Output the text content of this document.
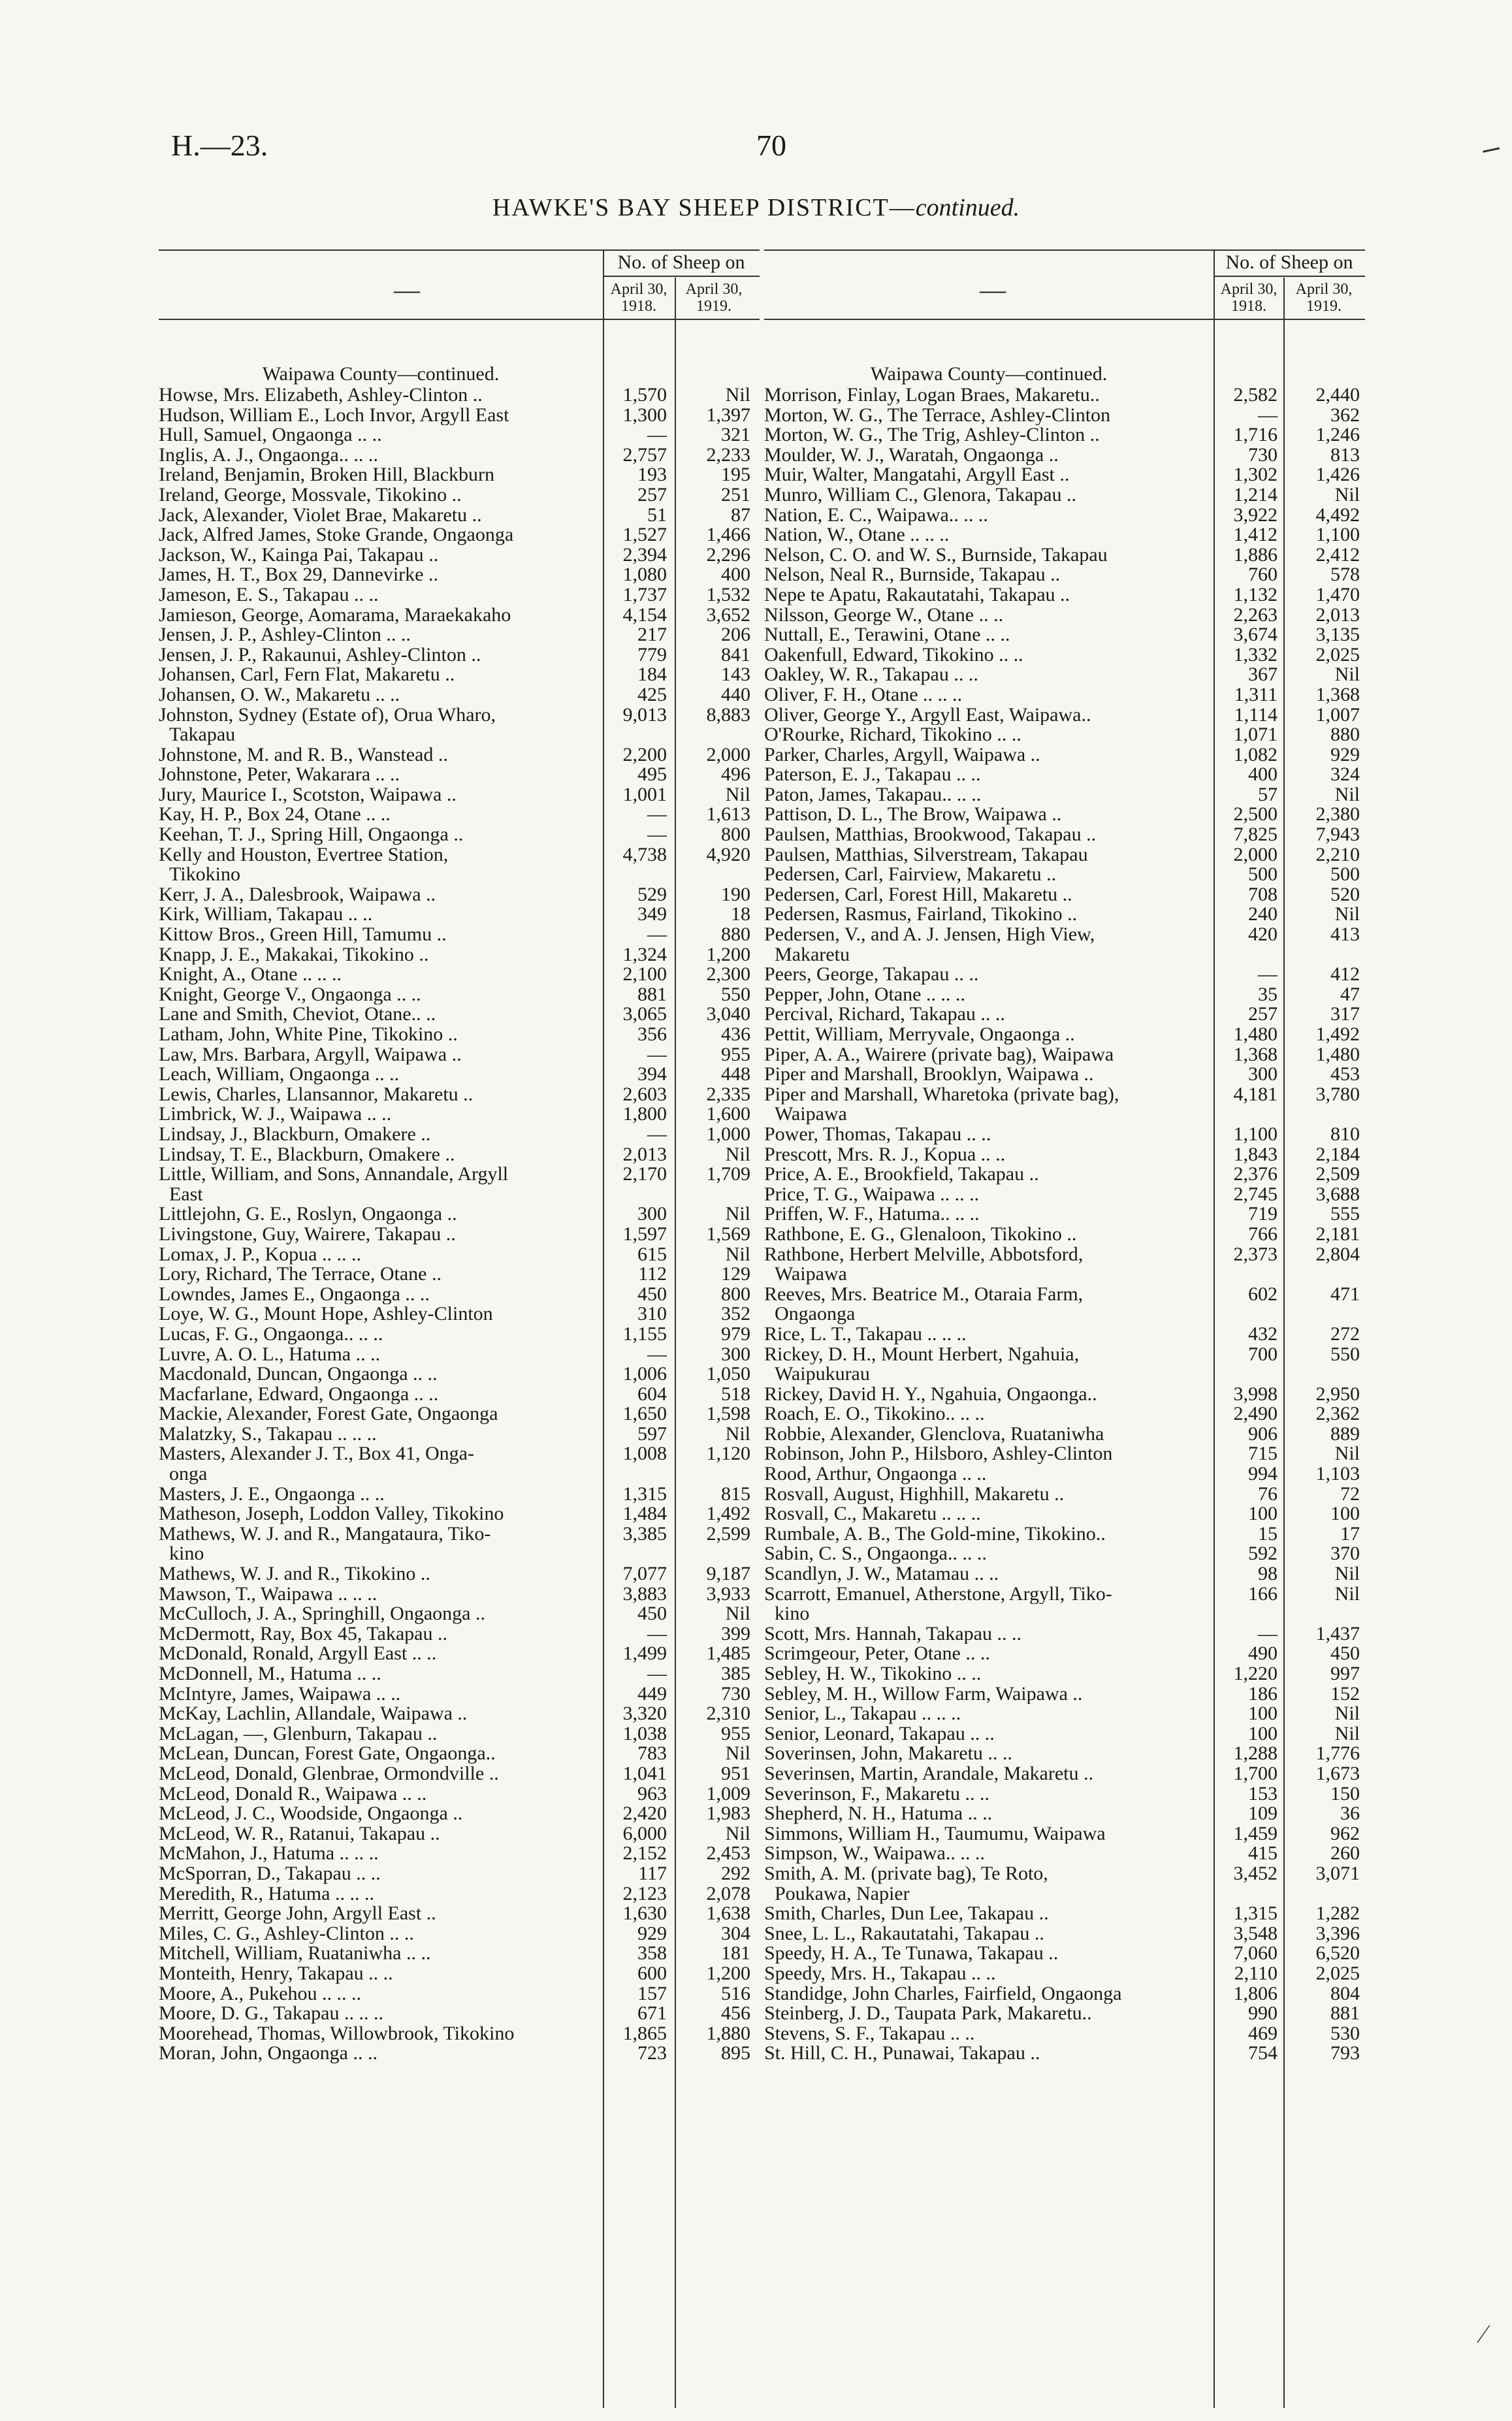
H.—23.	70
HAWKE'S BAY SHEEP DISTRICT—continued.
⁄
—
No. of Sheep on
April 30, 1918.
April 30, 1919.
Waipawa County—continued.
Howse, Mrs. Elizabeth, Ashley-Clinton ..	1,570	Nil
Hudson, William E., Loch Invor, Argyll East	1,300	1,397
Hull, Samuel, Ongaonga .. ..	—	321
Inglis, A. J., Ongaonga.. .. ..	2,757	2,233
Ireland, Benjamin, Broken Hill, Blackburn	193	195
Ireland, George, Mossvale, Tikokino ..	257	251
Jack, Alexander, Violet Brae, Makaretu ..	51	87
Jack, Alfred James, Stoke Grande, Ongaonga	1,527	1,466
Jackson, W., Kainga Pai, Takapau ..	2,394	2,296
James, H. T., Box 29, Dannevirke ..	1,080	400
Jameson, E. S., Takapau .. ..	1,737	1,532
Jamieson, George, Aomarama, Maraekakaho	4,154	3,652
Jensen, J. P., Ashley-Clinton .. ..	217	206
Jensen, J. P., Rakaunui, Ashley-Clinton ..	779	841
Johansen, Carl, Fern Flat, Makaretu ..	184	143
Johansen, O. W., Makaretu .. ..	425	440
Johnston, Sydney (Estate of), Orua Wharo,	9,013	8,883
Takapau
Johnstone, M. and R. B., Wanstead ..	2,200	2,000
Johnstone, Peter, Wakarara .. ..	495	496
Jury, Maurice I., Scotston, Waipawa ..	1,001	Nil
Kay, H. P., Box 24, Otane .. ..	—	1,613
Keehan, T. J., Spring Hill, Ongaonga ..	—	800
Kelly and Houston, Evertree Station,	4,738	4,920
Tikokino
Kerr, J. A., Dalesbrook, Waipawa ..	529	190
Kirk, William, Takapau .. ..	349	18
Kittow Bros., Green Hill, Tamumu ..	—	880
Knapp, J. E., Makakai, Tikokino ..	1,324	1,200
Knight, A., Otane .. .. ..	2,100	2,300
Knight, George V., Ongaonga .. ..	881	550
Lane and Smith, Cheviot, Otane.. ..	3,065	3,040
Latham, John, White Pine, Tikokino ..	356	436
Law, Mrs. Barbara, Argyll, Waipawa ..	—	955
Leach, William, Ongaonga .. ..	394	448
Lewis, Charles, Llansannor, Makaretu ..	2,603	2,335
Limbrick, W. J., Waipawa .. ..	1,800	1,600
Lindsay, J., Blackburn, Omakere ..	—	1,000
Lindsay, T. E., Blackburn, Omakere ..	2,013	Nil
Little, William, and Sons, Annandale, Argyll	2,170	1,709
East
Littlejohn, G. E., Roslyn, Ongaonga ..	300	Nil
Livingstone, Guy, Wairere, Takapau ..	1,597	1,569
Lomax, J. P., Kopua .. .. ..	615	Nil
Lory, Richard, The Terrace, Otane ..	112	129
Lowndes, James E., Ongaonga .. ..	450	800
Loye, W. G., Mount Hope, Ashley-Clinton	310	352
Lucas, F. G., Ongaonga.. .. ..	1,155	979
Luvre, A. O. L., Hatuma .. ..	—	300
Macdonald, Duncan, Ongaonga .. ..	1,006	1,050
Macfarlane, Edward, Ongaonga .. ..	604	518
Mackie, Alexander, Forest Gate, Ongaonga	1,650	1,598
Malatzky, S., Takapau .. .. ..	597	Nil
Masters, Alexander J. T., Box 41, Onga-	1,008	1,120
onga
Masters, J. E., Ongaonga .. ..	1,315	815
Matheson, Joseph, Loddon Valley, Tikokino	1,484	1,492
Mathews, W. J. and R., Mangataura, Tiko-	3,385	2,599
kino
Mathews, W. J. and R., Tikokino ..	7,077	9,187
Mawson, T., Waipawa .. .. ..	3,883	3,933
McCulloch, J. A., Springhill, Ongaonga ..	450	Nil
McDermott, Ray, Box 45, Takapau ..	—	399
McDonald, Ronald, Argyll East .. ..	1,499	1,485
McDonnell, M., Hatuma .. ..	—	385
McIntyre, James, Waipawa .. ..	449	730
McKay, Lachlin, Allandale, Waipawa ..	3,320	2,310
McLagan, —, Glenburn, Takapau ..	1,038	955
McLean, Duncan, Forest Gate, Ongaonga..	783	Nil
McLeod, Donald, Glenbrae, Ormondville ..	1,041	951
McLeod, Donald R., Waipawa .. ..	963	1,009
McLeod, J. C., Woodside, Ongaonga ..	2,420	1,983
McLeod, W. R., Ratanui, Takapau ..	6,000	Nil
McMahon, J., Hatuma .. .. ..	2,152	2,453
McSporran, D., Takapau .. ..	117	292
Meredith, R., Hatuma .. .. ..	2,123	2,078
Merritt, George John, Argyll East ..	1,630	1,638
Miles, C. G., Ashley-Clinton .. ..	929	304
Mitchell, William, Ruataniwha .. ..	358	181
Monteith, Henry, Takapau .. ..	600	1,200
Moore, A., Pukehou .. .. ..	157	516
Moore, D. G., Takapau .. .. ..	671	456
Moorehead, Thomas, Willowbrook, Tikokino	1,865	1,880
Moran, John, Ongaonga .. ..	723	895
—
No. of Sheep on
April 30, 1918.
April 30, 1919.
Waipawa County—continued.
Morrison, Finlay, Logan Braes, Makaretu..	2,582	2,440
Morton, W. G., The Terrace, Ashley-Clinton	—	362
Morton, W. G., The Trig, Ashley-Clinton ..	1,716	1,246
Moulder, W. J., Waratah, Ongaonga ..	730	813
Muir, Walter, Mangatahi, Argyll East ..	1,302	1,426
Munro, William C., Glenora, Takapau ..	1,214	Nil
Nation, E. C., Waipawa.. .. ..	3,922	4,492
Nation, W., Otane .. .. ..	1,412	1,100
Nelson, C. O. and W. S., Burnside, Takapau	1,886	2,412
Nelson, Neal R., Burnside, Takapau ..	760	578
Nepe te Apatu, Rakautatahi, Takapau ..	1,132	1,470
Nilsson, George W., Otane .. ..	2,263	2,013
Nuttall, E., Terawini, Otane .. ..	3,674	3,135
Oakenfull, Edward, Tikokino .. ..	1,332	2,025
Oakley, W. R., Takapau .. ..	367	Nil
Oliver, F. H., Otane .. .. ..	1,311	1,368
Oliver, George Y., Argyll East, Waipawa..	1,114	1,007
O'Rourke, Richard, Tikokino .. ..	1,071	880
Parker, Charles, Argyll, Waipawa ..	1,082	929
Paterson, E. J., Takapau .. ..	400	324
Paton, James, Takapau.. .. ..	57	Nil
Pattison, D. L., The Brow, Waipawa ..	2,500	2,380
Paulsen, Matthias, Brookwood, Takapau ..	7,825	7,943
Paulsen, Matthias, Silverstream, Takapau	2,000	2,210
Pedersen, Carl, Fairview, Makaretu ..	500	500
Pedersen, Carl, Forest Hill, Makaretu ..	708	520
Pedersen, Rasmus, Fairland, Tikokino ..	240	Nil
Pedersen, V., and A. J. Jensen, High View,	420	413
Makaretu
Peers, George, Takapau .. ..	—	412
Pepper, John, Otane .. .. ..	35	47
Percival, Richard, Takapau .. ..	257	317
Pettit, William, Merryvale, Ongaonga ..	1,480	1,492
Piper, A. A., Wairere (private bag), Waipawa	1,368	1,480
Piper and Marshall, Brooklyn, Waipawa ..	300	453
Piper and Marshall, Wharetoka (private bag),	4,181	3,780
Waipawa
Power, Thomas, Takapau .. ..	1,100	810
Prescott, Mrs. R. J., Kopua .. ..	1,843	2,184
Price, A. E., Brookfield, Takapau ..	2,376	2,509
Price, T. G., Waipawa .. .. ..	2,745	3,688
Priffen, W. F., Hatuma.. .. ..	719	555
Rathbone, E. G., Glenaloon, Tikokino ..	766	2,181
Rathbone, Herbert Melville, Abbotsford,	2,373	2,804
Waipawa
Reeves, Mrs. Beatrice M., Otaraia Farm,	602	471
Ongaonga
Rice, L. T., Takapau .. .. ..	432	272
Rickey, D. H., Mount Herbert, Ngahuia,	700	550
Waipukurau
Rickey, David H. Y., Ngahuia, Ongaonga..	3,998	2,950
Roach, E. O., Tikokino.. .. ..	2,490	2,362
Robbie, Alexander, Glenclova, Ruataniwha	906	889
Robinson, John P., Hilsboro, Ashley-Clinton	715	Nil
Rood, Arthur, Ongaonga .. ..	994	1,103
Rosvall, August, Highhill, Makaretu ..	76	72
Rosvall, C., Makaretu .. .. ..	100	100
Rumbale, A. B., The Gold-mine, Tikokino..	15	17
Sabin, C. S., Ongaonga.. .. ..	592	370
Scandlyn, J. W., Matamau .. ..	98	Nil
Scarrott, Emanuel, Atherstone, Argyll, Tiko-	166	Nil
kino
Scott, Mrs. Hannah, Takapau .. ..	—	1,437
Scrimgeour, Peter, Otane .. ..	490	450
Sebley, H. W., Tikokino .. ..	1,220	997
Sebley, M. H., Willow Farm, Waipawa ..	186	152
Senior, L., Takapau .. .. ..	100	Nil
Senior, Leonard, Takapau .. ..	100	Nil
Soverinsen, John, Makaretu .. ..	1,288	1,776
Severinsen, Martin, Arandale, Makaretu ..	1,700	1,673
Severinson, F., Makaretu .. ..	153	150
Shepherd, N. H., Hatuma .. ..	109	36
Simmons, William H., Taumumu, Waipawa	1,459	962
Simpson, W., Waipawa.. .. ..	415	260
Smith, A. M. (private bag), Te Roto,	3,452	3,071
Poukawa, Napier
Smith, Charles, Dun Lee, Takapau ..	1,315	1,282
Snee, L. L., Rakautatahi, Takapau ..	3,548	3,396
Speedy, H. A., Te Tunawa, Takapau ..	7,060	6,520
Speedy, Mrs. H., Takapau .. ..	2,110	2,025
Standidge, John Charles, Fairfield, Ongaonga	1,806	804
Steinberg, J. D., Taupata Park, Makaretu..	990	881
Stevens, S. F., Takapau .. ..	469	530
St. Hill, C. H., Punawai, Takapau ..	754	793
